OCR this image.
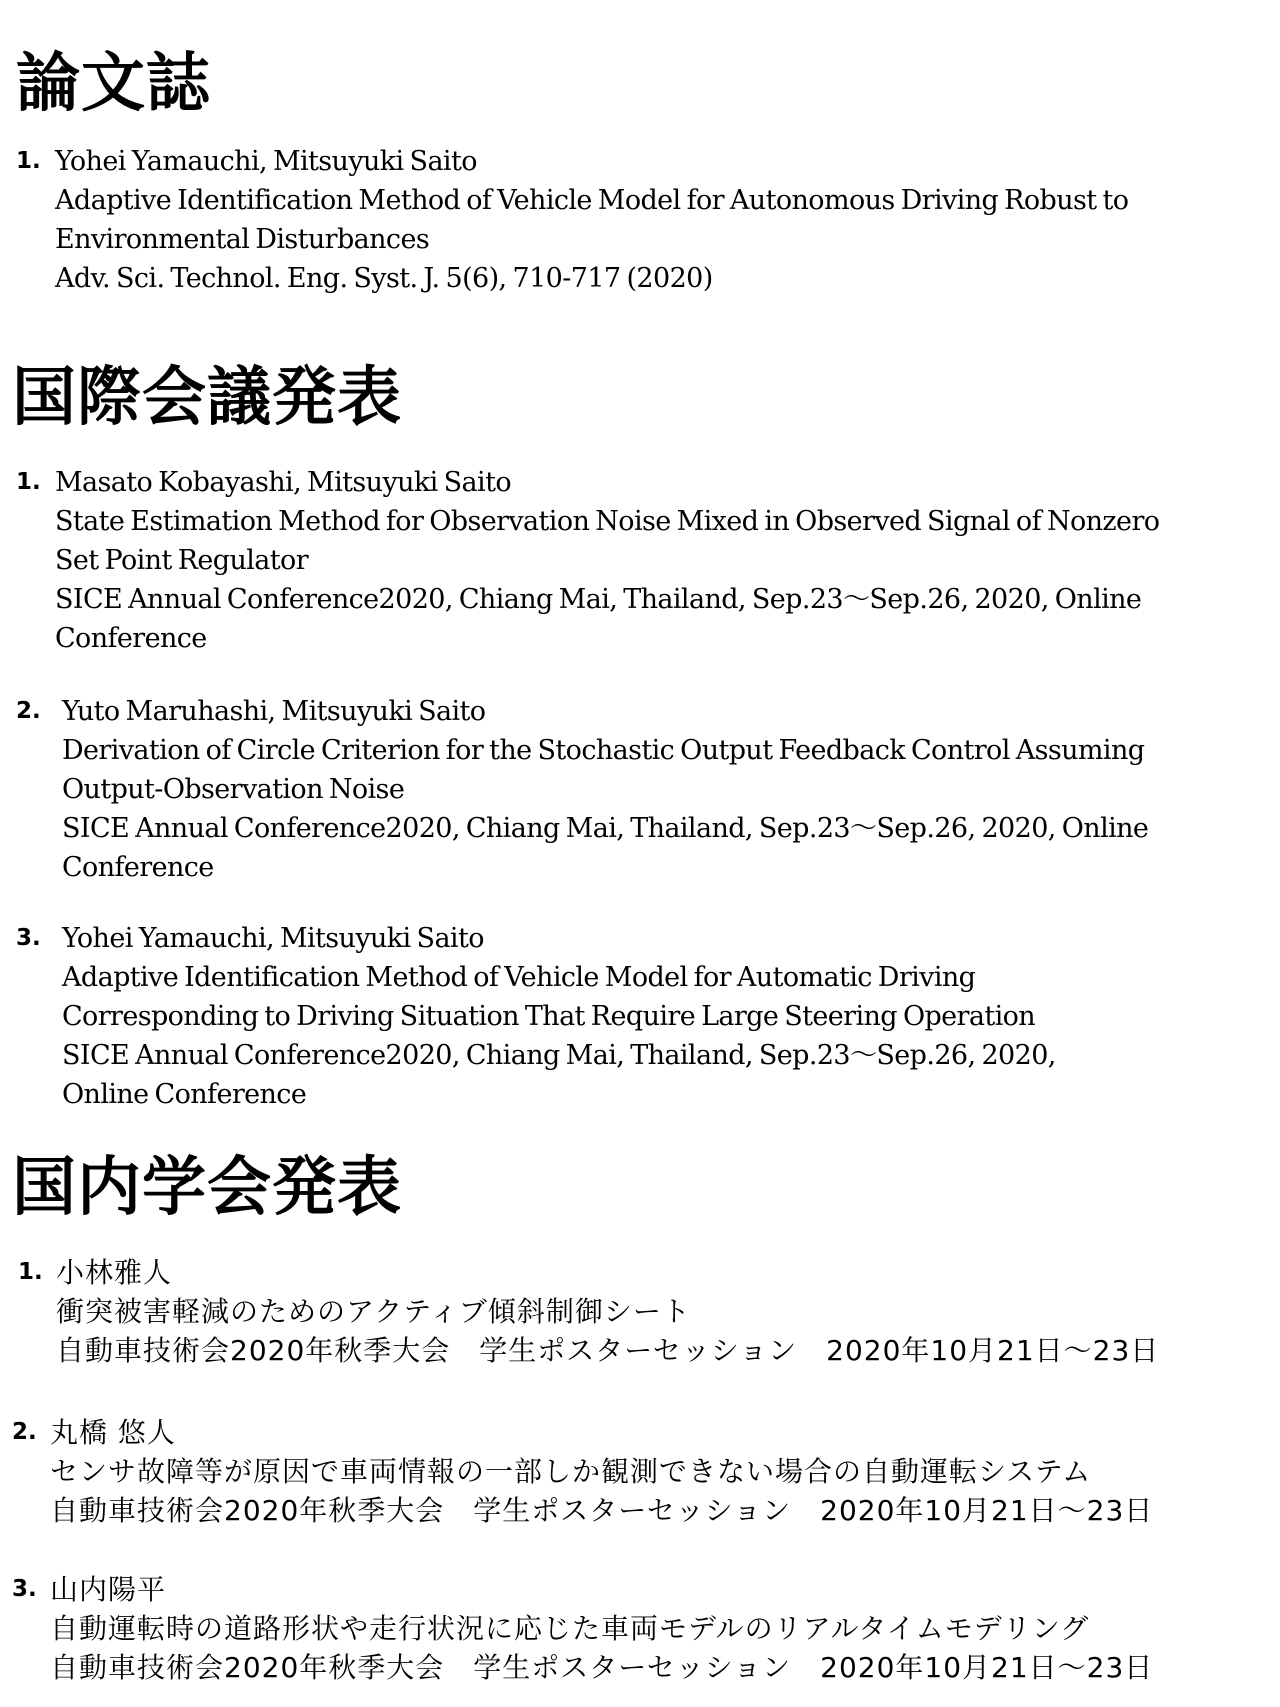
論文誌
1. Yohei Yamauchi, Mitsuyuki Saito
Adaptive Identification Method of Vehicle Model for Autonomous Driving Robust to
Environmental Disturbances
Adv. Sci. Technol. Eng. Syst. J. 5(6), 710-717 (2020)
国際会議発表
1. Masato Kobayashi, Mitsuyuki Saito
State Estimation Method for Observation Noise Mixed in Observed Signal of Nonzero
Set Point Regulator
SICE Annual Conference2020, Chiang Mai, Thailand, Sep.23～Sep.26, 2020, Online
Conference
2. Yuto Maruhashi, Mitsuyuki Saito
Derivation of Circle Criterion for the Stochastic Output Feedback Control Assuming
Output-Observation Noise
SICE Annual Conference2020, Chiang Mai, Thailand, Sep.23～Sep.26, 2020, Online
Conference
3. Yohei Yamauchi, Mitsuyuki Saito
Adaptive Identification Method of Vehicle Model for Automatic Driving
Corresponding to Driving Situation That Require Large Steering Operation
SICE Annual Conference2020, Chiang Mai, Thailand, Sep.23～Sep.26, 2020,
Online Conference
国内学会発表
1. 小林雅人
衝突被害軽減のためのアクティブ傾斜制御シート
自動車技術会2020年秋季大会　学生ポスターセッション　2020年10月21日～23日
2. 丸橋 悠人
センサ故障等が原因で車両情報の一部しか観測できない場合の自動運転システム
自動車技術会2020年秋季大会　学生ポスターセッション　2020年10月21日～23日
3. 山内陽平
自動運転時の道路形状や走行状況に応じた車両モデルのリアルタイムモデリング
自動車技術会2020年秋季大会　学生ポスターセッション　2020年10月21日～23日
